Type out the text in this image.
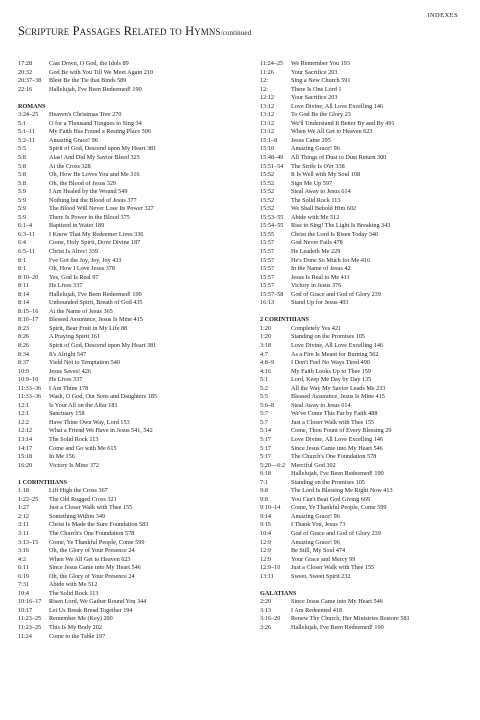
INDEXES
Scripture Passages Related to Hymns/continued
17:28	Cast Down, O God, the Idols 89
20:32	God Be with You Till We Meet Again 210
20:37–38	Blest Be the Tie that Binds 589
22:16	Hallelujah, I've Been Redeemed! 190
ROMANS
3:24–25	Heaven's Christmas Tree 270
5:1	O for a Thousand Tongues to Sing 34
5:1–11	My Faith Has Found a Resting Place 506
5:2–11	Amazing Grace! 96
5:5	Spirit of God, Descend upon My Heart 381
5:8	Alas! And Did My Savior Bleed 325
5:8	At the Cross 328
5:8	Oh, How He Loves You and Me 316
5:8	Oh, the Blood of Jesus 329
5:9	I Am Healed by the Wound 549
5:9	Nothing but the Blood of Jesus 377
5:9	The Blood Will Never Lose Its Power 327
5:9	There Is Power in the Blood 375
6:1–4	Baptized in Water 189
6:3–11	I Know That My Redeemer Lives 336
6:4	Come, Holy Spirit, Dove Divine 187
6:5–11	Christ Is Alive! 339
8:1	I've Got the Joy, Joy, Joy 433
8:1	Oh, How I Love Jesus 378
8:10–20	Yes, God Is Real 97
8:11	He Lives 337
8:14	Hallelujah, I've Been Redeemed! 190
8:14	Unbounded Spirit, Breath of God 435
8:15–16	At the Name of Jesus 365
8:16–17	Blessed Assurance, Jesus Is Mine 415
8:23	Spirit, Bear Fruit in My Life 88
8:26	A Praying Spirit 161
8:26	Spirit of God, Descend upon My Heart 381
8:34	It's Alright 547
8:37	Yield Not to Temptation 540
10:9	Jesus Saves! 426
10:9–10	He Lives 337
11:33–36	I Am Thine 178
11:33–36	Wash, O God, Our Sons and Daughters 185
12:1	Is Your All on the Altar 181
12:1	Sanctuary 158
12:2	Have Thine Own Way, Lord 153
12:12	What a Friend We Have in Jesus 541, 542
13:14	The Solid Rock 113
14:17	Come and Go with Me 615
15:18	In Me 156
16:20	Victory Is Mine 372
1 CORINTHIANS
1:18	Lift High the Cross 367
1:22–25	The Old Rugged Cross 321
1:27	Just a Closer Walk with Thee 155
2:12	Something Within 349
3:11	Christ Is Made the Sure Foundation 583
3:11	The Church's One Foundation 578
3:13–15	Come, Ye Thankful People, Come 599
3:16	Oh, the Glory of Your Presence 24
4:2	When We All Get to Heaven 623
6:11	Since Jesus Came into My Heart 546
6:19	Oh, the Glory of Your Presence 24
7:31	Abide with Me 512
10:4	The Solid Rock 113
10:16–17	Risen Lord, We Gather Round You 344
10:17	Let Us Break Bread Together 194
11:23–25	Remember Me (Key) 200
11:23–25	This Is My Body 202
11:24	Come to the Table 197
11:24–25	We Remember You 193
11:26	Your Sacrifice 203
12:	Sing a New Church 591
12:	There Is One Lord 1
12:12	Your Sacrifice 203
13:12	Love Divine, All Love Excelling 146
13:12	To God Be the Glory 23
13:12	We'll Understand It Better By and By 491
13:12	When We All Get to Heaven 623
15:1–8	Jesus Came 295
15:10	Amazing Grace! 96
15:48–49	All Things of Dust to Dust Return 300
15:51–54	The Strife Is O'er 338
15:52	It Is Well with My Soul 108
15:52	Sign Me Up 597
15:52	Steal Away to Jesus 614
15:52	The Solid Rock 113
15:52	We Shall Behold Him 602
15:53–55	Abide with Me 512
15:54–55	Rise to Sing! The Light Is Breaking 343
15:55	Christ the Lord Is Risen Today 340
15:57	God Never Fails 478
15:57	He Leadeth Me 229
15:57	He's Done So Much for Me 416
15:57	In the Name of Jesus 42
15:57	Jesus Is Real to Me 411
15:57	Victory in Jesus 376
15:57–58	God of Grace and God of Glory 239
16:13	Stand Up for Jesus 403
2 CORINTHIANS
1:20	Completely Yes 421
1:20	Standing on the Promises 105
3:18	Love Divine, All Love Excelling 146
4:7	As a Fire Is Meant for Burning 562
4:8–9	I Don't Feel No Ways Tired 490
4:16	My Faith Looks Up to Thee 159
5:1	Lord, Keep Me Day by Day 135
5:2	All the Way My Savior Leads Me 233
5:5	Blessed Assurance, Jesus Is Mine 415
5:6–8	Steal Away to Jesus 614
5:7	We've Come This Far by Faith 488
5:7	Just a Closer Walk with Thee 155
5:14	Come, Thou Fount of Every Blessing 29
5:17	Love Divine, All Love Excelling 146
5:17	Since Jesus Came into My Heart 546
5:17	The Church's One Foundation 578
5:20—6:2 Merciful God 302
6:18	Hallelujah, I've Been Redeemed! 190
7:1	Standing on the Promises 105
9:8	The Lord Is Blessing Me Right Now 413
9:8	You Can't Beat God Giving 669
9:10–14	Come, Ye Thankful People, Come 599
9:14	Amazing Grace! 96
9:15	I Thank You, Jesus 73
10:4	God of Grace and God of Glory 239
12:9	Amazing Grace! 96
12:9	Be Still, My Soul 474
12:9	Your Grace and Mercy 99
12:9–10	Just a Closer Walk with Thee 155
13:11	Sweet, Sweet Spirit 232
GALATIANS
2:20	Since Jesus Came into My Heart 546
3:13	I Am Redeemed 418
3:16–20	Renew Thy Church, Her Ministries Restore 581
3:26	Hallelujah, I've Been Redeemed! 190
